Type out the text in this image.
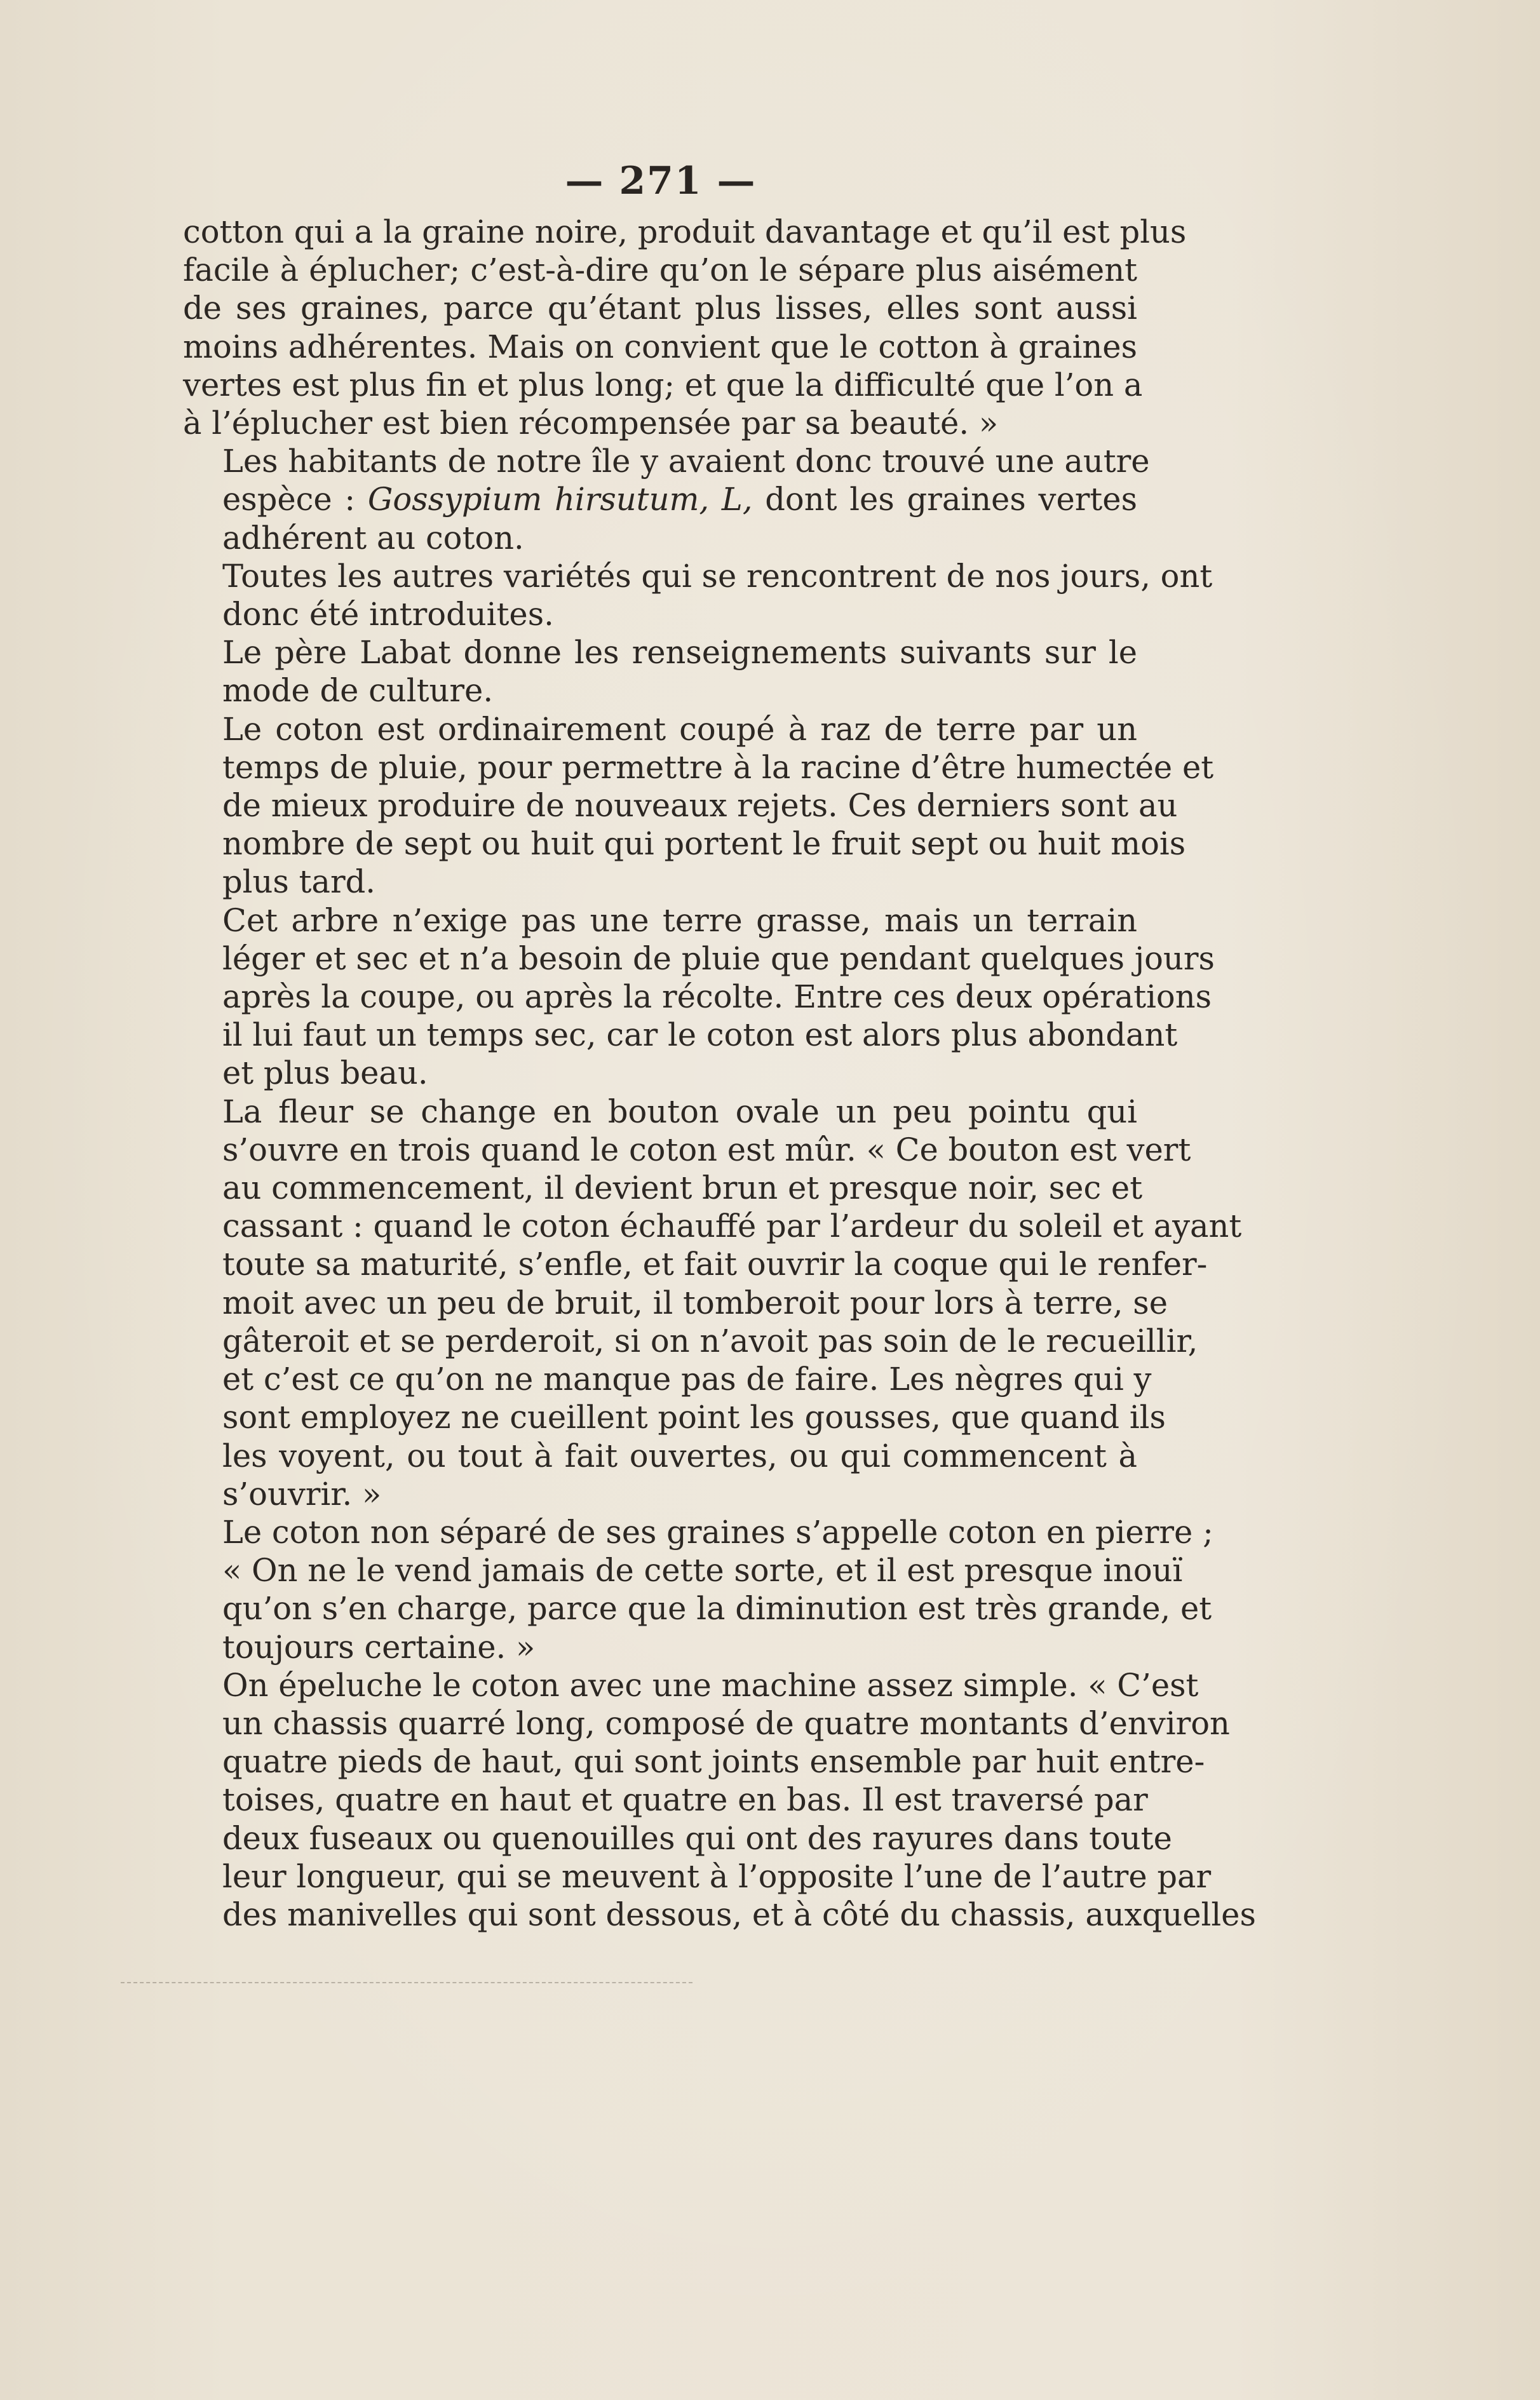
— 271 —

cotton qui a la graine noire, produit davantage et qu’il est plus
facile à éplucher; c’est-à-dire qu’on le sépare plus aisément
de ses graines, parce qu’étant plus lisses, elles sont aussi
moins adhérentes. Mais on convient que le cotton à graines
vertes est plus fin et plus long; et que la difficulté que l’on a
à l’éplucher est bien récompensée par sa beauté. »

Les habitants de notre île y avaient donc trouvé une autre
espèce : Gossypium hirsutum, L, dont les graines vertes
adhérent au coton.

Toutes les autres variétés qui se rencontrent de nos jours, ont
donc été introduites.

Le père Labat donne les renseignements suivants sur le
mode de culture.

Le coton est ordinairement coupé à raz de terre par un
temps de pluie, pour permettre à la racine d’être humectée et
de mieux produire de nouveaux rejets. Ces derniers sont au
nombre de sept ou huit qui portent le fruit sept ou huit mois
plus tard.

Cet arbre n’exige pas une terre grasse, mais un terrain
léger et sec et n’a besoin de pluie que pendant quelques jours
après la coupe, ou après la récolte. Entre ces deux opérations
il lui faut un temps sec, car le coton est alors plus abondant
et plus beau.

La fleur se change en bouton ovale un peu pointu qui
s’ouvre en trois quand le coton est mûr. « Ce bouton est vert
au commencement, il devient brun et presque noir, sec et
cassant : quand le coton échauffé par l’ardeur du soleil et ayant
toute sa maturité, s’enfle, et fait ouvrir la coque qui le renfer-
moit avec un peu de bruit, il tomberoit pour lors à terre, se
gâteroit et se perderoit, si on n’avoit pas soin de le recueillir,
et c’est ce qu’on ne manque pas de faire. Les nègres qui y
sont employez ne cueillent point les gousses, que quand ils
les voyent, ou tout à fait ouvertes, ou qui commencent à
s’ouvrir. »

Le coton non séparé de ses graines s’appelle coton en pierre ;
« On ne le vend jamais de cette sorte, et il est presque inouï
qu’on s’en charge, parce que la diminution est très grande, et
toujours certaine. »

On épeluche le coton avec une machine assez simple. « C’est
un chassis quarré long, composé de quatre montants d’environ
quatre pieds de haut, qui sont joints ensemble par huit entre-
toises, quatre en haut et quatre en bas. Il est traversé par
deux fuseaux ou quenouilles qui ont des rayures dans toute
leur longueur, qui se meuvent à l’opposite l’une de l’autre par
des manivelles qui sont dessous, et à côté du chassis, auxquelles
